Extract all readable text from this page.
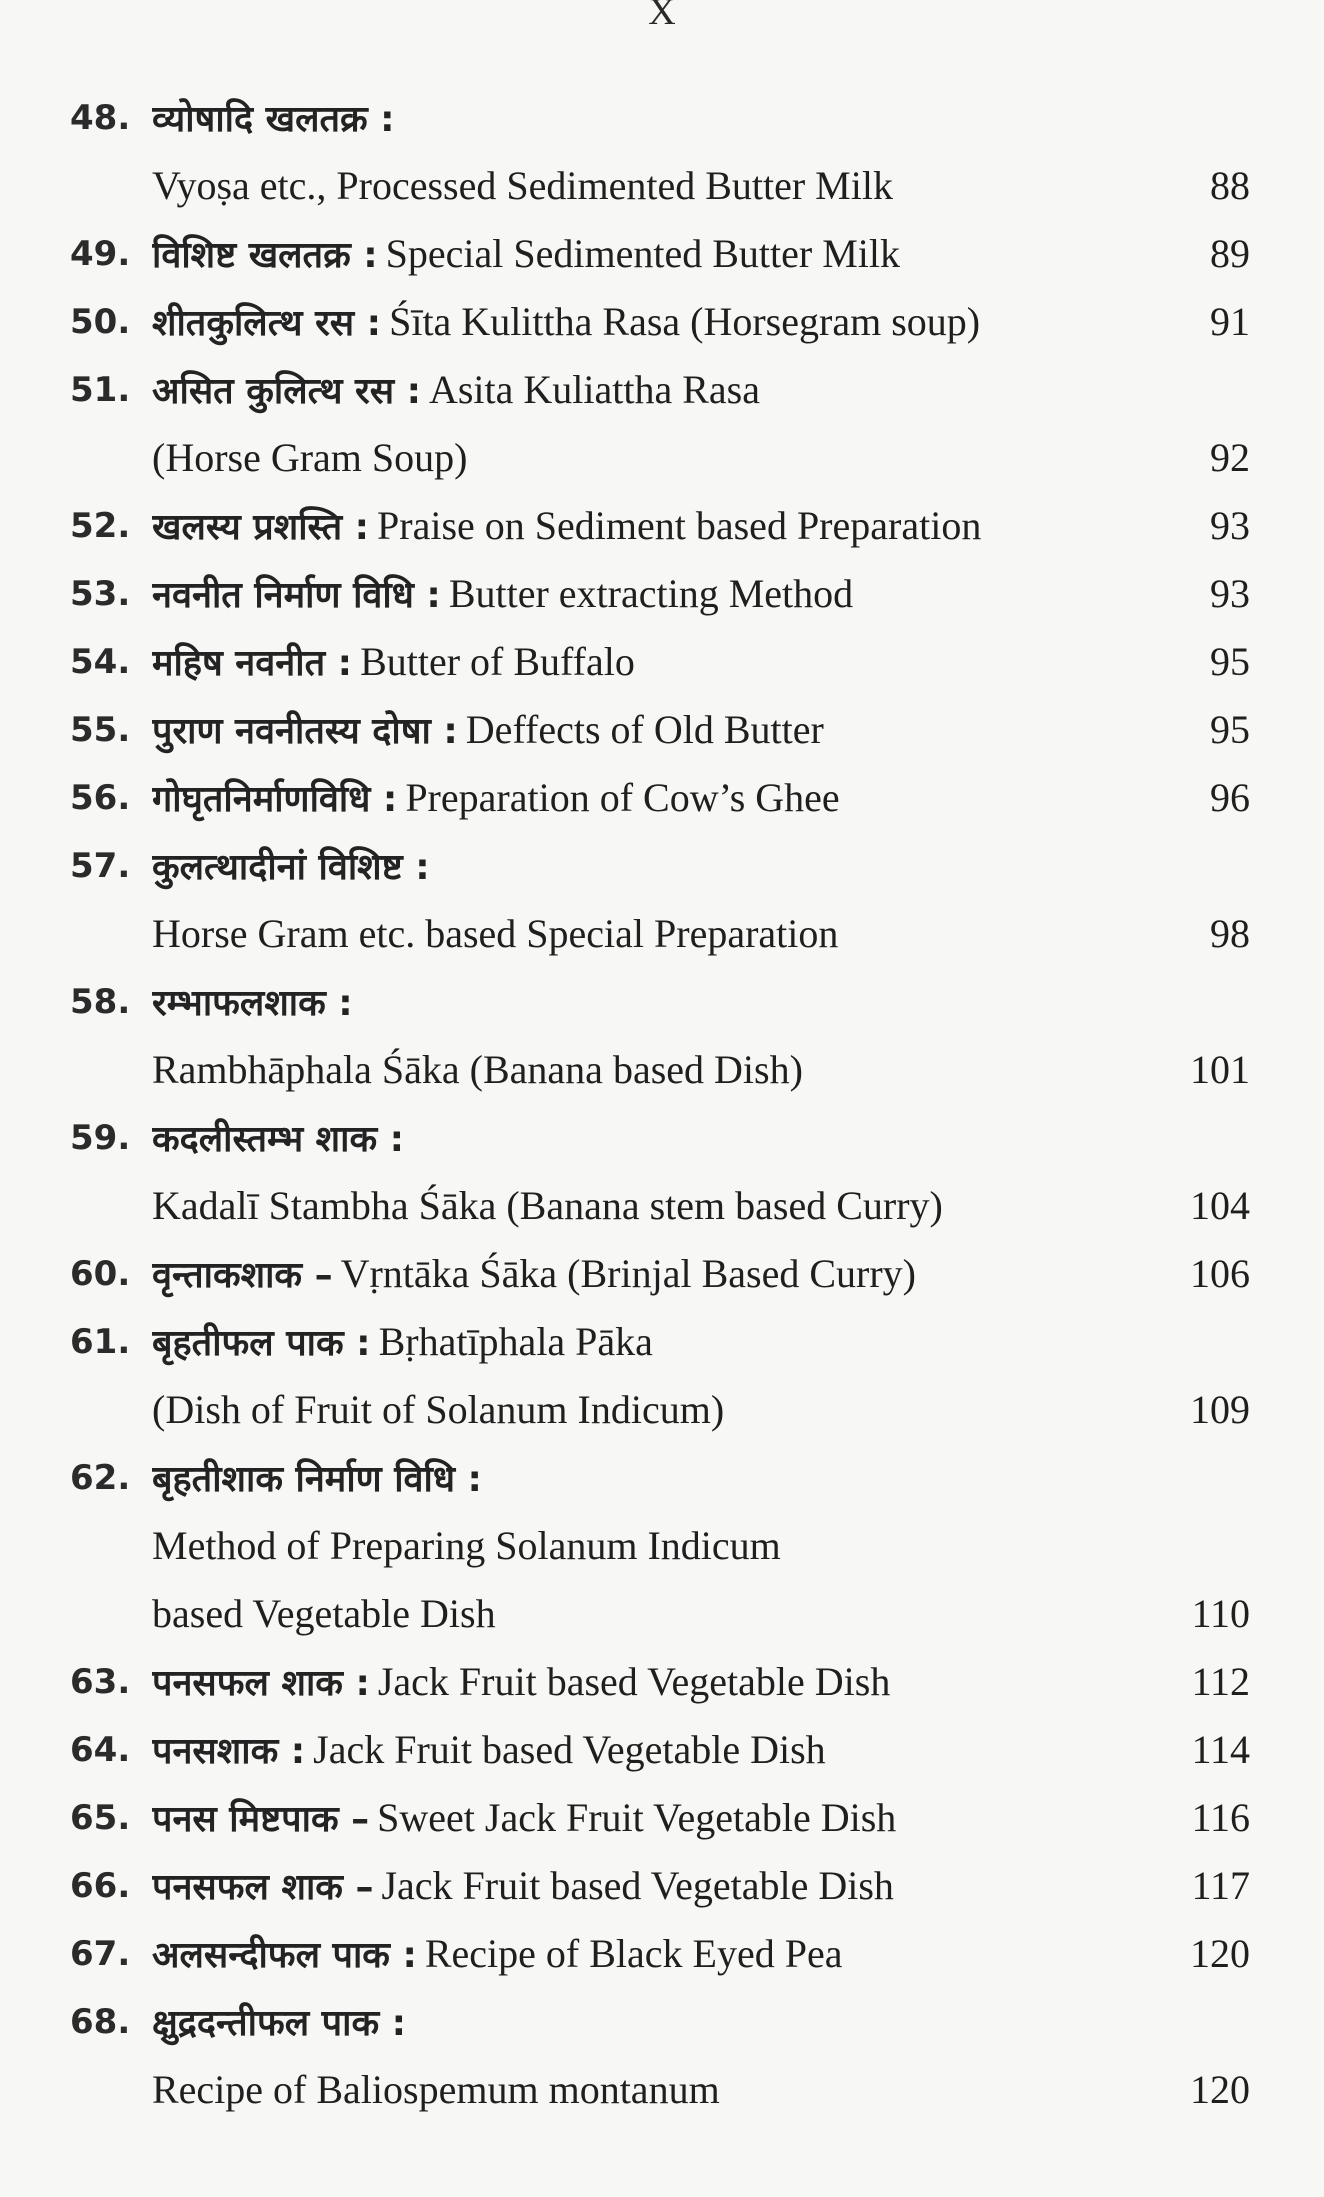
X
48. व्योषादि खलतक्र :
Vyoṣa etc., Processed Sedimented Butter Milk	88
49. विशिष्ट खलतक्र : Special Sedimented Butter Milk	89
50. शीतकुलित्थ रस : Śīta Kulittha Rasa (Horsegram soup)	91
51. असित कुलित्थ रस : Asita Kuliattha Rasa
(Horse Gram Soup)	92
52. खलस्य प्रशस्ति : Praise on Sediment based Preparation	93
53. नवनीत निर्माण विधि : Butter extracting Method	93
54. महिष नवनीत : Butter of Buffalo	95
55. पुराण नवनीतस्य दोषा : Deffects of Old Butter	95
56. गोघृतनिर्माणविधि : Preparation of Cow’s Ghee	96
57. कुलत्थादीनां विशिष्ट :
Horse Gram etc. based Special Preparation	98
58. रम्भाफलशाक :
Rambhāphala Śāka (Banana based Dish)	101
59. कदलीस्तम्भ शाक :
Kadalī Stambha Śāka (Banana stem based Curry)	104
60. वृन्ताकशाक – Vṛntāka Śāka (Brinjal Based Curry)	106
61. बृहतीफल पाक : Bṛhatīphala Pāka
(Dish of Fruit of Solanum Indicum)	109
62. बृहतीशाक निर्माण विधि :
Method of Preparing Solanum Indicum
based Vegetable Dish	110
63. पनसफल शाक : Jack Fruit based Vegetable Dish	112
64. पनसशाक : Jack Fruit based Vegetable Dish	114
65. पनस मिष्टपाक – Sweet Jack Fruit Vegetable Dish	116
66. पनसफल शाक – Jack Fruit based Vegetable Dish	117
67. अलसन्दीफल पाक : Recipe of Black Eyed Pea	120
68. क्षुद्रदन्तीफल पाक :
Recipe of Baliospemum montanum	120
